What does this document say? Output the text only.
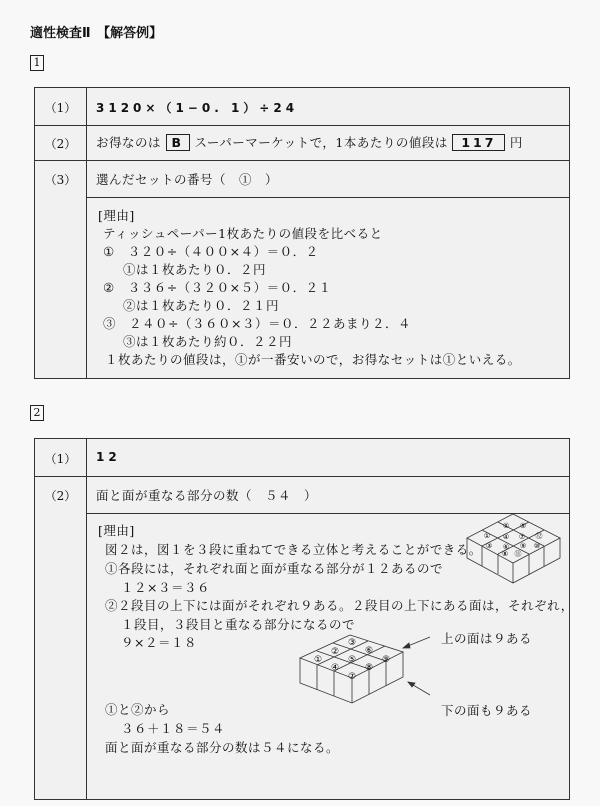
適性検査Ⅱ　【解答例】
1
（1）	3120×（1−0. 1）÷24
（2）	お得なのは B スーパーマーケットで，1本あたりの値段は 117 円
（3）	選んだセットの番号（　①　）
[理由]
ティッシュペーパー1枚あたりの値段を比べると
①　３２０÷（４００×４）＝０．２
①は１枚あたり０．２円
②　３３６÷（３２０×５）＝０．２１
②は１枚あたり０．２１円
③　２４０÷（３６０×３）＝０．２２あまり２．４
③は１枚あたり約０．２２円
１枚あたりの値段は，①が一番安いので，お得なセットは①といえる。
2
（1）	12
（2）	面と面が重なる部分の数（　５４　）
[理由]
図２は，図１を３段に重ねてできる立体と考えることができる。
①各段には，それぞれ面と面が重なる部分が１２あるので
１２×３＝３６
②２段目の上下には面がそれぞれ９ある。２段目の上下にある面は，それぞれ，
１段目，３段目と重なる部分になるので
９×２＝１８
①と②から
３６＋１８＝５４
面と面が重なる部分の数は５４になる。
上の面は９ある
下の面も９ある
①
②
③
④
⑤
⑥
⑦
⑧
⑨ ⑩
⑪
⑫
①
②
③
④
⑤
⑥
⑦
⑧
⑨
